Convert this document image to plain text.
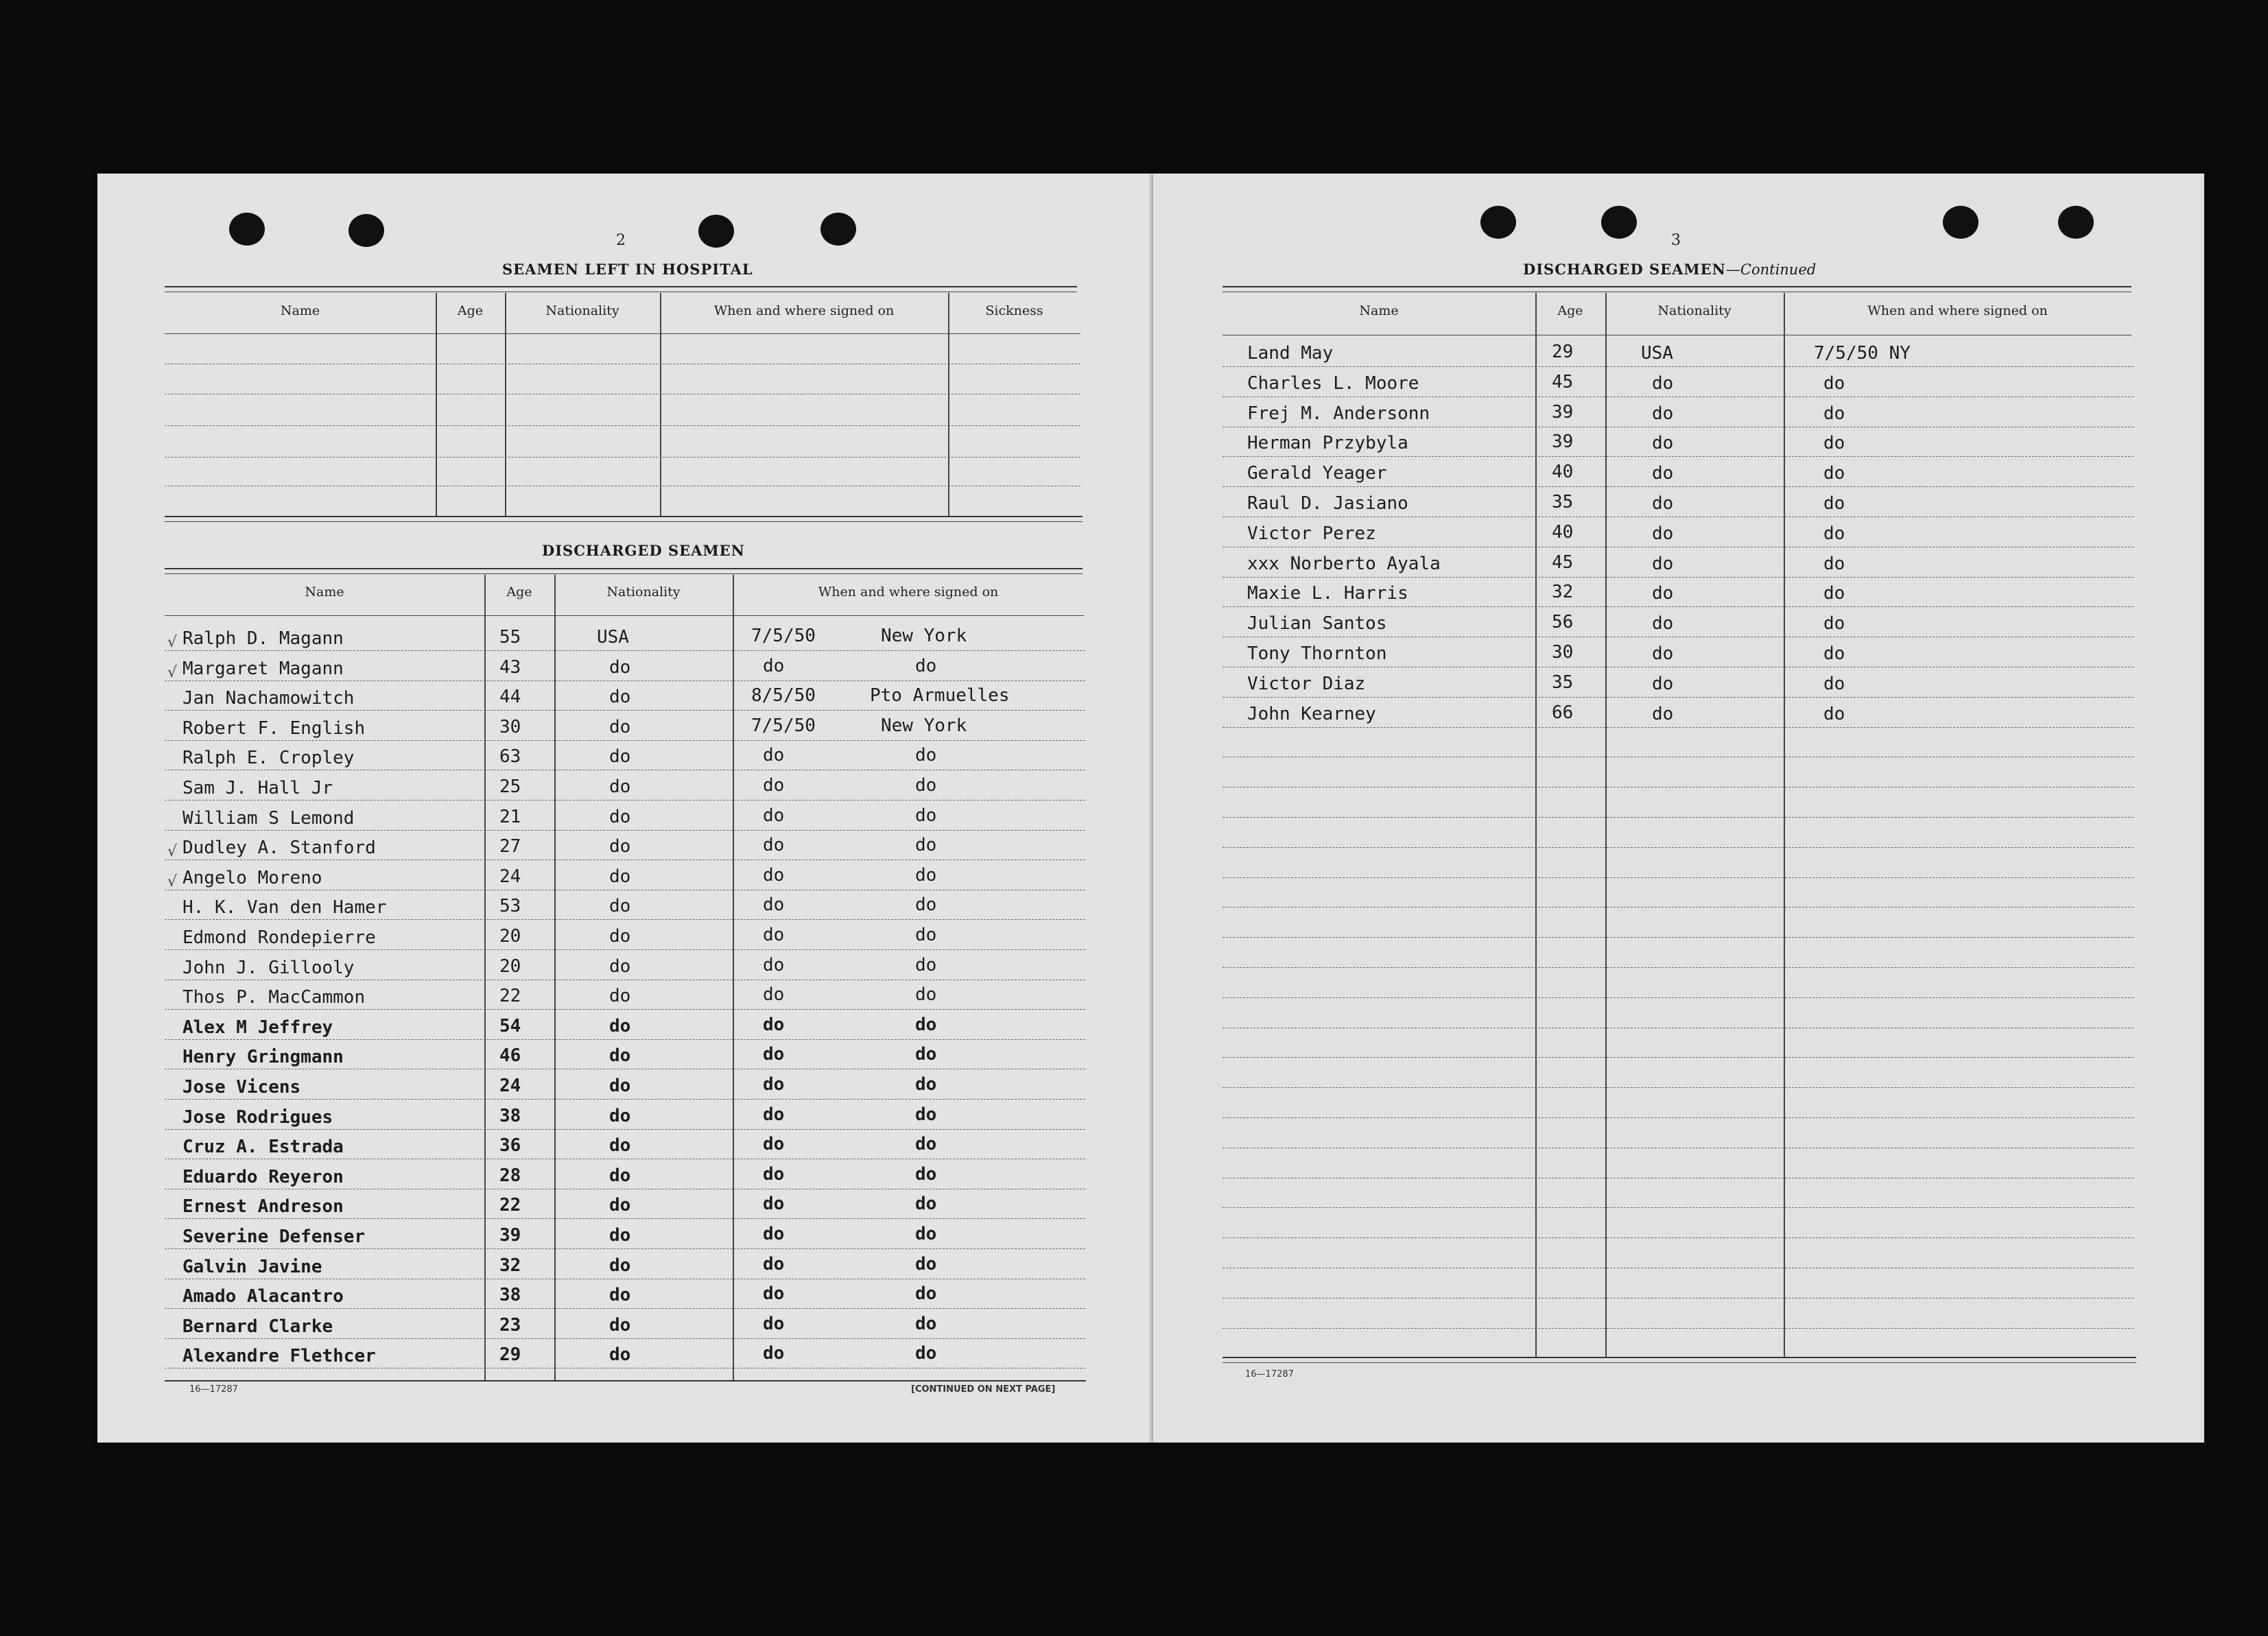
2
SEAMEN LEFT IN HOSPITAL
DISCHARGED SEAMEN
16—17287	[CONTINUED ON NEXT PAGE]
3
DISCHARGED SEAMEN—Continued
16—17287
Name	Age	Nationality	When and where signed on	Sickness
Name	Age	Nationality	When and where signed on
√ Ralph D. Magann	55	USA	7/5/50	New York
√ Margaret Magann	43	do	do	do
Jan Nachamowitch	44	do	8/5/50	Pto Armuelles
Robert F. English	30	do	7/5/50	New York
Ralph E. Cropley	63	do	do	do
Sam J. Hall Jr	25	do	do	do
William S Lemond	21	do	do	do
√ Dudley A. Stanford	27	do	do	do
√ Angelo Moreno	24	do	do	do
H. K. Van den Hamer	53	do	do	do
Edmond Rondepierre	20	do	do	do
John J. Gillooly	20	do	do	do
Thos P. MacCammon	22	do	do	do
Alex M Jeffrey	54	do	do	do
Henry Gringmann	46	do	do	do
Jose Vicens	24	do	do	do
Jose Rodrigues	38	do	do	do
Cruz A. Estrada	36	do	do	do
Eduardo Reyeron	28	do	do	do
Ernest Andreson	22	do	do	do
Severine Defenser	39	do	do	do
Galvin Javine	32	do	do	do
Amado Alacantro	38	do	do	do
Bernard Clarke	23	do	do	do
Alexandre Flethcer	29	do	do	do
Name	Age	Nationality	When and where signed on
Land May	29	USA	7/5/50 NY
Charles L. Moore	45	do	do
Frej M. Andersonn	39	do	do
Herman Przybyla	39	do	do
Gerald Yeager	40	do	do
Raul D. Jasiano	35	do	do
Victor Perez	40	do	do
xxx Norberto Ayala	45	do	do
Maxie L. Harris	32	do	do
Julian Santos	56	do	do
Tony Thornton	30	do	do
Victor Diaz	35	do	do
John Kearney	66	do	do
